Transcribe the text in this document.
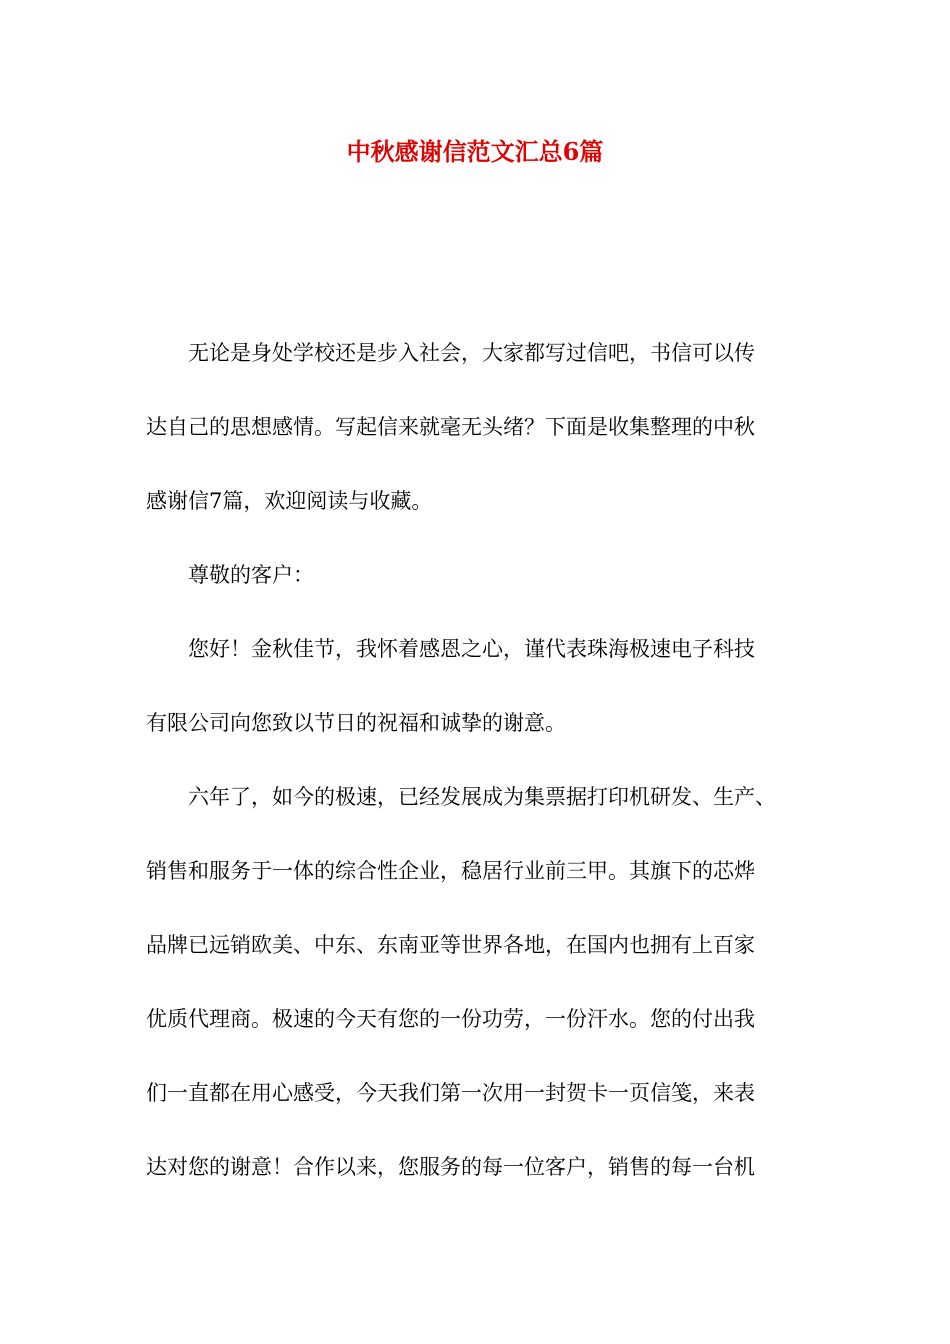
中秋感谢信范文汇总6篇

无论是身处学校还是步入社会，大家都写过信吧，书信可以传
达自己的思想感情。写起信来就毫无头绪？下面是收集整理的中秋
感谢信7篇，欢迎阅读与收藏。

尊敬的客户：

您好！金秋佳节，我怀着感恩之心，谨代表珠海极速电子科技
有限公司向您致以节日的祝福和诚挚的谢意。

六年了，如今的极速，已经发展成为集票据打印机研发、生产、
销售和服务于一体的综合性企业，稳居行业前三甲。其旗下的芯烨
品牌已远销欧美、中东、东南亚等世界各地，在国内也拥有上百家
优质代理商。极速的今天有您的一份功劳，一份汗水。您的付出我
们一直都在用心感受，今天我们第一次用一封贺卡一页信笺，来表
达对您的谢意！合作以来，您服务的每一位客户，销售的每一台机
